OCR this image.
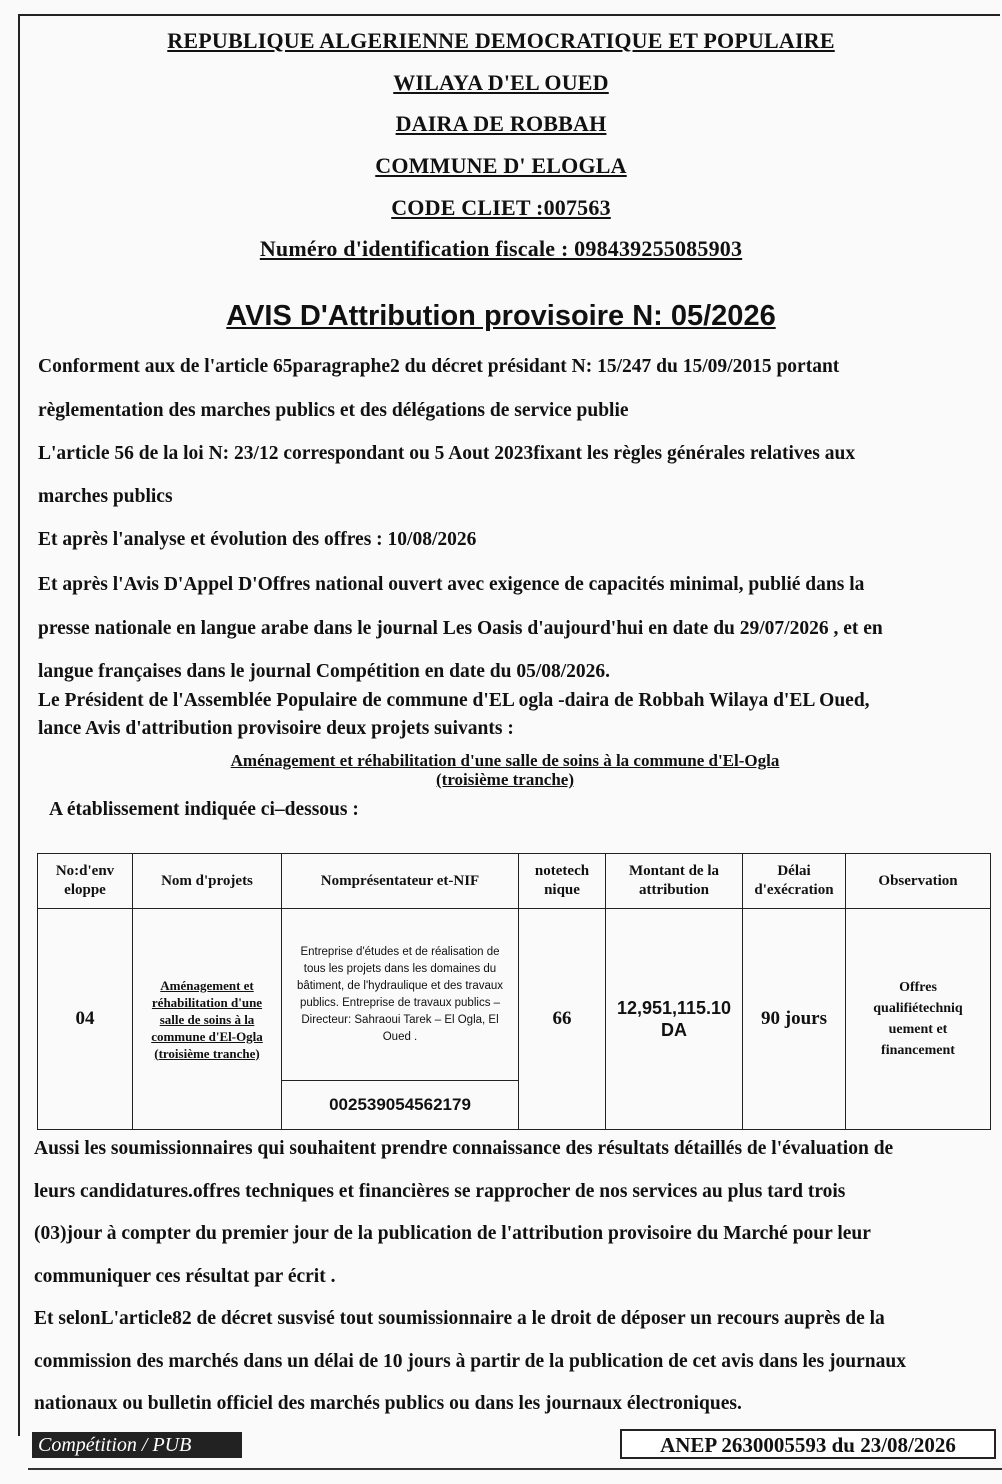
REPUBLIQUE ALGERIENNE DEMOCRATIQUE ET POPULAIRE
WILAYA D'EL OUED
DAIRA DE ROBBAH
COMMUNE D' ELOGLA
CODE CLIET :007563
Numéro d'identification fiscale : 098439255085903
AVIS D'Attribution provisoire N: 05/2026
Conforment aux de l'article 65paragraphe2 du décret présidant N: 15/247 du 15/09/2015 portant
règlementation des marches publics et des délégations de service publie
L'article 56 de la loi N: 23/12 correspondant ou 5 Aout 2023fixant les règles générales relatives aux
marches publics
Et après l'analyse et évolution des offres : 10/08/2026
Et après l'Avis D'Appel D'Offres national ouvert avec exigence de capacités minimal, publié dans la
presse nationale en langue arabe dans le journal Les Oasis d'aujourd'hui en date du 29/07/2026 , et en
langue françaises dans le journal Compétition en date du 05/08/2026.
Le Président de l'Assemblée Populaire de commune d'EL ogla -daira de Robbah Wilaya d'EL Oued,
lance Avis d'attribution provisoire deux projets suivants :
Aménagement et réhabilitation d'une salle de soins à la commune d'El-Ogla
(troisième tranche)
A établissement indiquée ci–dessous :
No:d'env eloppe	Nom d'projets	Nomprésentateur et-NIF	notetech nique	Montant de la attribution	Délai d'exécration	Observation
04	Aménagement et réhabilitation d'une salle de soins à la commune d'El-Ogla (troisième tranche)	Entreprise d'études et de réalisation de tous les projets dans les domaines du bâtiment, de l'hydraulique et des travaux publics. Entreprise de travaux publics – Directeur: Sahraoui Tarek – El Ogla, El Oued .	66	12,951,115.10 DA	90 jours	Offres qualifiétechniq uement et financement
		002539054562179				
Aussi les soumissionnaires qui souhaitent prendre connaissance des résultats détaillés de l'évaluation de
leurs candidatures.offres techniques et financières se rapprocher de nos services au plus tard trois
(03)jour à compter du premier jour de la publication de l'attribution provisoire du Marché pour leur
communiquer ces résultat par écrit .
Et selonL'article82 de décret susvisé tout soumissionnaire a le droit de déposer un recours auprès de la
commission des marchés dans un délai de 10 jours à partir de la publication de cet avis dans les journaux
nationaux ou bulletin officiel des marchés publics ou dans les journaux électroniques.
Compétition / PUB	ANEP 2630005593 du 23/08/2026
